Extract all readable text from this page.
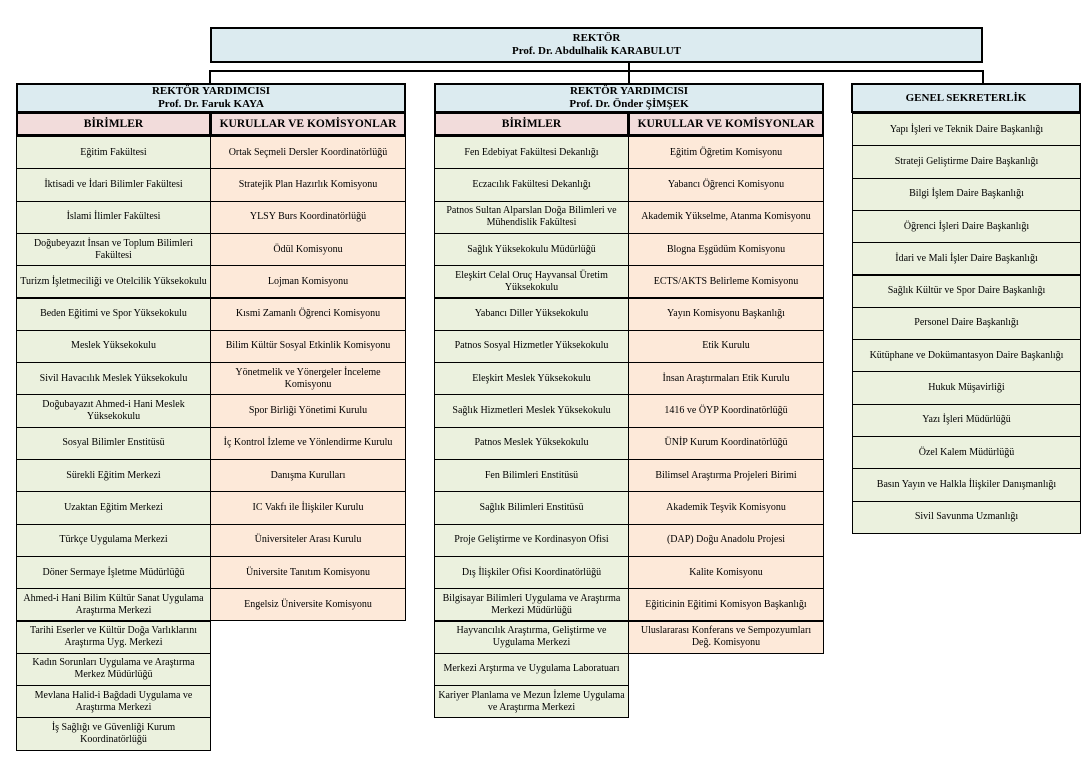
REKTÖR
Prof. Dr. Abdulhalik KARABULUT
REKTÖR YARDIMCISI
Prof. Dr. Faruk KAYA
BİRİMLER	KURULLAR VE KOMİSYONLAR
Eğitim Fakültesi
İktisadi ve İdari Bilimler Fakültesi
İslami İlimler Fakültesi
Doğubeyazıt İnsan ve Toplum Bilimleri Fakültesi
Turizm İşletmeciliği ve Otelcilik Yüksekokulu
Beden Eğitimi ve Spor Yüksekokulu
Meslek Yüksekokulu
Sivil Havacılık Meslek Yüksekokulu
Doğubayazıt Ahmed-i Hani Meslek Yüksekokulu
Sosyal Bilimler Enstitüsü
Sürekli Eğitim Merkezi
Uzaktan Eğitim Merkezi
Türkçe Uygulama Merkezi
Döner Sermaye İşletme Müdürlüğü
Ahmed-i Hani Bilim Kültür Sanat Uygulama Araştırma Merkezi
Tarihi Eserler ve Kültür Doğa Varlıklarını Araştırma Uyg. Merkezi
Kadın Sorunları Uygulama ve Araştırma Merkez Müdürlüğü
Mevlana Halid-i Bağdadi Uygulama ve Araştırma Merkezi
İş Sağlığı ve Güvenliği Kurum Koordinatörlüğü
Ortak Seçmeli Dersler Koordinatörlüğü
Stratejik Plan Hazırlık Komisyonu
YLSY Burs Koordinatörlüğü
Ödül Komisyonu
Lojman Komisyonu
Kısmi Zamanlı Öğrenci Komisyonu
Bilim Kültür Sosyal Etkinlik Komisyonu
Yönetmelik ve Yönergeler İnceleme Komisyonu
Spor Birliği Yönetimi Kurulu
İç Kontrol İzleme ve Yönlendirme Kurulu
Danışma Kurulları
IC Vakfı ile İlişkiler Kurulu
Üniversiteler Arası Kurulu
Üniversite Tanıtım Komisyonu
Engelsiz Üniversite Komisyonu
REKTÖR YARDIMCISI
Prof. Dr. Önder ŞİMŞEK
BİRİMLER	KURULLAR VE KOMİSYONLAR
Fen Edebiyat Fakültesi Dekanlığı
Eczacılık Fakültesi Dekanlığı
Patnos Sultan Alparslan Doğa Bilimleri ve Mühendislik Fakültesi
Sağlık Yüksekokulu Müdürlüğü
Eleşkirt Celal Oruç Hayvansal Üretim Yüksekokulu
Yabancı Diller Yüksekokulu
Patnos Sosyal Hizmetler Yüksekokulu
Eleşkirt Meslek Yüksekokulu
Sağlık Hizmetleri Meslek Yüksekokulu
Patnos Meslek Yüksekokulu
Fen Bilimleri Enstitüsü
Sağlık Bilimleri Enstitüsü
Proje Geliştirme ve Kordinasyon Ofisi
Dış İlişkiler Ofisi Koordinatörlüğü
Bilgisayar Bilimleri Uygulama ve Araştırma Merkezi Müdürlüğü
Hayvancılık Araştırma, Geliştirme ve Uygulama Merkezi
Merkezi Arştırma ve Uygulama Laboratuarı
Kariyer Planlama ve Mezun İzleme Uygulama ve Araştırma Merkezi
Eğitim Öğretim Komisyonu
Yabancı Öğrenci Komisyonu
Akademik Yükselme, Atanma Komisyonu
Blogna Eşgüdüm Komisyonu
ECTS/AKTS Belirleme Komisyonu
Yayın Komisyonu Başkanlığı
Etik Kurulu
İnsan Araştırmaları Etik Kurulu
1416 ve ÖYP Koordinatörlüğü
ÜNİP Kurum Koordinatörlüğü
Bilimsel Araştırma Projeleri Birimi
Akademik Teşvik Komisyonu
(DAP) Doğu Anadolu Projesi
Kalite Komisyonu
Eğiticinin Eğitimi Komisyon Başkanlığı
Uluslararası Konferans ve Sempozyumları Değ. Komisyonu
GENEL SEKRETERLİK
Yapı İşleri ve Teknik Daire Başkanlığı
Strateji Geliştirme Daire Başkanlığı
Bilgi İşlem Daire Başkanlığı
Öğrenci İşleri Daire Başkanlığı
İdari ve Mali İşler Daire Başkanlığı
Sağlık Kültür ve Spor Daire Başkanlığı
Personel Daire Başkanlığı
Kütüphane ve Dokümantasyon Daire Başkanlığı
Hukuk Müşavirliği
Yazı İşleri Müdürlüğü
Özel Kalem Müdürlüğü
Basın Yayın ve Halkla İlişkiler Danışmanlığı
Sivil Savunma Uzmanlığı
